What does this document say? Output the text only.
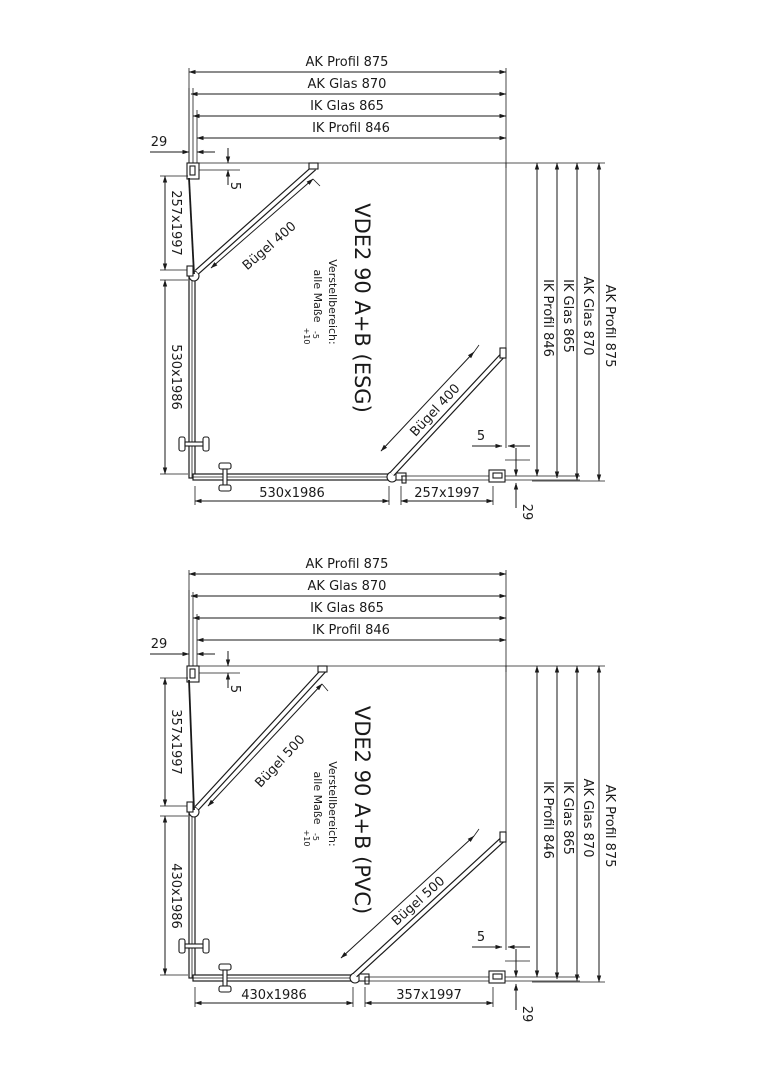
AK Profil 875
AK Glas 870
IK Glas 865
IK Profil 846
29
5
257x1997
530x1986
Bügel 400
Bügel 400 5
29
IK Profil 846 IK Glas 865 AK Glas 870 AK Profil 875
530x1986	257x1997
VDE2 90 A+B (ESG)
Verstellbereich:
alle Maße
-5
+10
AK Profil 875
AK Glas 870
IK Glas 865
IK Profil 846
29
5
357x1997
430x1986
Bügel 500
Bügel 500
5
29
IK Profil 846 IK Glas 865 AK Glas 870 AK Profil 875
430x1986	357x1997
VDE2 90 A+B (PVC)
Verstellbereich:
alle Maße
-5
+10
